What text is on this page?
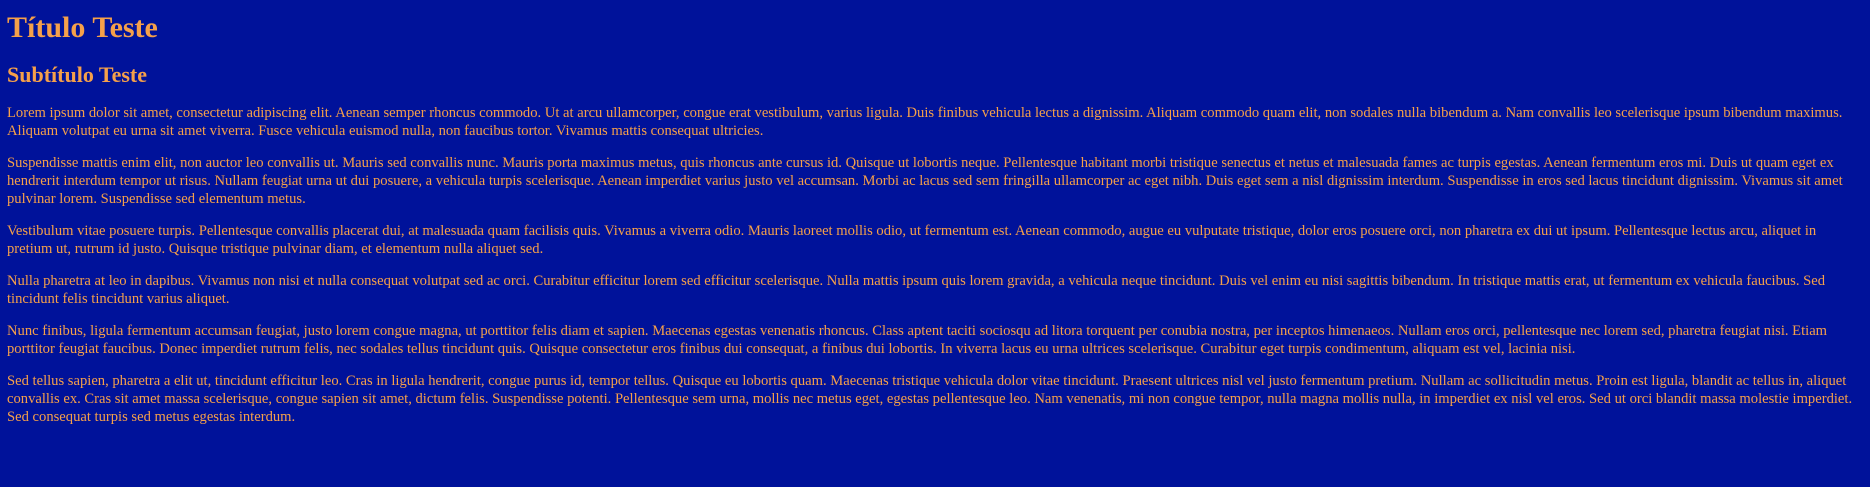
Título Teste
Subtítulo Teste

Lorem ipsum dolor sit amet, consectetur adipiscing elit. Aenean semper rhoncus commodo. Ut at arcu ullamcorper, congue erat vestibulum, varius ligula. Duis finibus vehicula lectus a dignissim. Aliquam commodo quam elit, non sodales nulla bibendum a. Nam convallis leo scelerisque ipsum bibendum maximus. Aliquam volutpat eu urna sit amet viverra. Fusce vehicula euismod nulla, non faucibus tortor. Vivamus mattis consequat ultricies.

Suspendisse mattis enim elit, non auctor leo convallis ut. Mauris sed convallis nunc. Mauris porta maximus metus, quis rhoncus ante cursus id. Quisque ut lobortis neque. Pellentesque habitant morbi tristique senectus et netus et malesuada fames ac turpis egestas. Aenean fermentum eros mi. Duis ut quam eget ex hendrerit interdum tempor ut risus. Nullam feugiat urna ut dui posuere, a vehicula turpis scelerisque. Aenean imperdiet varius justo vel accumsan. Morbi ac lacus sed sem fringilla ullamcorper ac eget nibh. Duis eget sem a nisl dignissim interdum. Suspendisse in eros sed lacus tincidunt dignissim. Vivamus sit amet pulvinar lorem. Suspendisse sed elementum metus.

Vestibulum vitae posuere turpis. Pellentesque convallis placerat dui, at malesuada quam facilisis quis. Vivamus a viverra odio. Mauris laoreet mollis odio, ut fermentum est. Aenean commodo, augue eu vulputate tristique, dolor eros posuere orci, non pharetra ex dui ut ipsum. Pellentesque lectus arcu, aliquet in pretium ut, rutrum id justo. Quisque tristique pulvinar diam, et elementum nulla aliquet sed.

Nulla pharetra at leo in dapibus. Vivamus non nisi et nulla consequat volutpat sed ac orci. Curabitur efficitur lorem sed efficitur scelerisque. Nulla mattis ipsum quis lorem gravida, a vehicula neque tincidunt. Duis vel enim eu nisi sagittis bibendum. In tristique mattis erat, ut fermentum ex vehicula faucibus. Sed tincidunt felis tincidunt varius aliquet.

Nunc finibus, ligula fermentum accumsan feugiat, justo lorem congue magna, ut porttitor felis diam et sapien. Maecenas egestas venenatis rhoncus. Class aptent taciti sociosqu ad litora torquent per conubia nostra, per inceptos himenaeos. Nullam eros orci, pellentesque nec lorem sed, pharetra feugiat nisi. Etiam porttitor feugiat faucibus. Donec imperdiet rutrum felis, nec sodales tellus tincidunt quis. Quisque consectetur eros finibus dui consequat, a finibus dui lobortis. In viverra lacus eu urna ultrices scelerisque. Curabitur eget turpis condimentum, aliquam est vel, lacinia nisi.

Sed tellus sapien, pharetra a elit ut, tincidunt efficitur leo. Cras in ligula hendrerit, congue purus id, tempor tellus. Quisque eu lobortis quam. Maecenas tristique vehicula dolor vitae tincidunt. Praesent ultrices nisl vel justo fermentum pretium. Nullam ac sollicitudin metus. Proin est ligula, blandit ac tellus in, aliquet convallis ex. Cras sit amet massa scelerisque, congue sapien sit amet, dictum felis. Suspendisse potenti. Pellentesque sem urna, mollis nec metus eget, egestas pellentesque leo. Nam venenatis, mi non congue tempor, nulla magna mollis nulla, in imperdiet ex nisl vel eros. Sed ut orci blandit massa molestie imperdiet. Sed consequat turpis sed metus egestas interdum.
